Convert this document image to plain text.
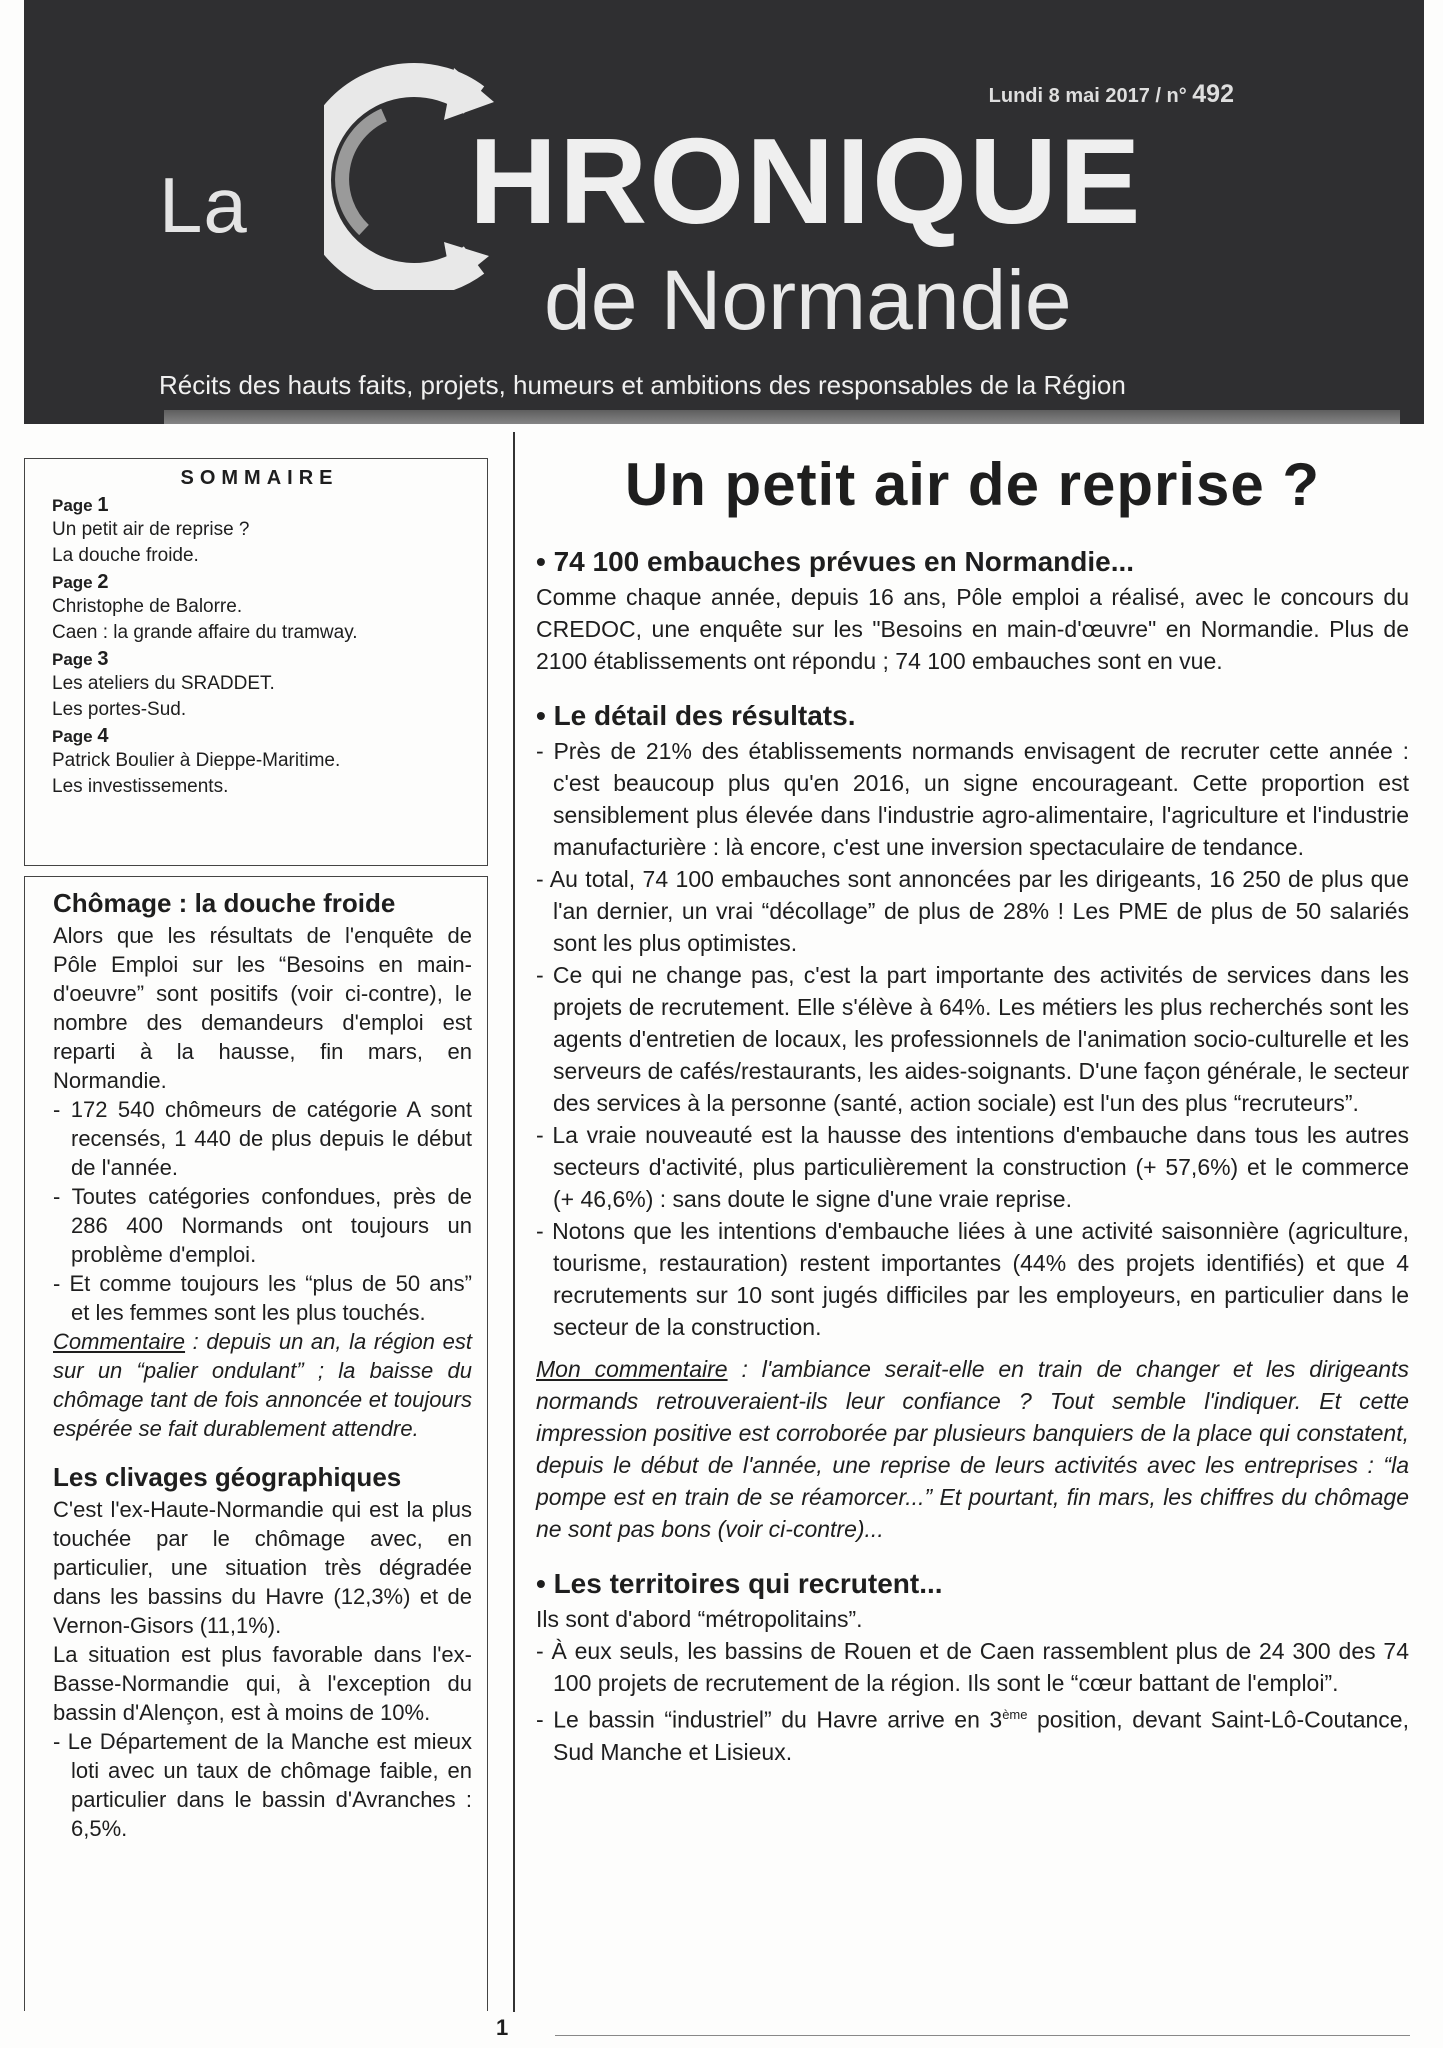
Lundi 8 mai 2017 / n° 492
La HRONIQUE
de Normandie
Récits des hauts faits, projets, humeurs et ambitions des responsables de la Région
SOMMAIRE

Page 1

Un petit air de reprise ?

La douche froide.

Page 2

Christophe de Balorre.

Caen : la grande affaire du tramway.

Page 3

Les ateliers du SRADDET.

Les portes-Sud.

Page 4

Patrick Boulier à Dieppe-Maritime.

Les investissements.

Chômage : la douche froide

Alors que les résultats de l'enquête de Pôle Emploi sur les “Besoins en main-d'oeuvre” sont positifs (voir ci-contre), le nombre des demandeurs d'emploi est reparti à la hausse, fin mars, en Normandie.

- 172 540 chômeurs de catégorie A sont recensés, 1 440 de plus depuis le début de l'année.

- Toutes catégories confondues, près de 286 400 Normands ont toujours un problème d'emploi.

- Et comme toujours les “plus de 50 ans” et les femmes sont les plus touchés.

Commentaire : depuis un an, la région est sur un “palier ondulant” ; la baisse du chômage tant de fois annoncée et toujours espérée se fait durablement attendre.

Les clivages géographiques

C'est l'ex-Haute-Normandie qui est la plus touchée par le chômage avec, en particulier, une situation très dégradée dans les bassins du Havre (12,3%) et de Vernon-Gisors (11,1%).

La situation est plus favorable dans l'ex-Basse-Normandie qui, à l'exception du bassin d'Alençon, est à moins de 10%.

- Le Département de la Manche est mieux loti avec un taux de chômage faible, en particulier dans le bassin d'Avranches : 6,5%.

Un petit air de reprise ?

• 74 100 embauches prévues en Normandie...

Comme chaque année, depuis 16 ans, Pôle emploi a réalisé, avec le concours du CREDOC, une enquête sur les "Besoins en main-d'œuvre" en Normandie. Plus de 2100 établissements ont répondu ; 74 100 embauches sont en vue.

• Le détail des résultats.

- Près de 21% des établissements normands envisagent de recruter cette année : c'est beaucoup plus qu'en 2016, un signe encourageant. Cette proportion est sensiblement plus élevée dans l'industrie agro-alimentaire, l'agriculture et l'industrie manufacturière : là encore, c'est une inversion spectaculaire de tendance.

- Au total, 74 100 embauches sont annoncées par les dirigeants, 16 250 de plus que l'an dernier, un vrai “décollage” de plus de 28% ! Les PME de plus de 50 salariés sont les plus optimistes.

- Ce qui ne change pas, c'est la part importante des activités de services dans les projets de recrutement. Elle s'élève à 64%. Les métiers les plus recherchés sont les agents d'entretien de locaux, les professionnels de l'animation socio-culturelle et les serveurs de cafés/restaurants, les aides-soignants. D'une façon générale, le secteur des services à la personne (santé, action sociale) est l'un des plus “recruteurs”.

- La vraie nouveauté est la hausse des intentions d'embauche dans tous les autres secteurs d'activité, plus particulièrement la construction (+ 57,6%) et le commerce (+ 46,6%) : sans doute le signe d'une vraie reprise.

- Notons que les intentions d'embauche liées à une activité saisonnière (agriculture, tourisme, restauration) restent importantes (44% des projets identifiés) et que 4 recrutements sur 10 sont jugés difficiles par les employeurs, en particulier dans le secteur de la construction.

Mon commentaire : l'ambiance serait-elle en train de changer et les dirigeants normands retrouveraient-ils leur confiance ? Tout semble l'indiquer. Et cette impression positive est corroborée par plusieurs banquiers de la place qui constatent, depuis le début de l'année, une reprise de leurs activités avec les entreprises : “la pompe est en train de se réamorcer...” Et pourtant, fin mars, les chiffres du chômage ne sont pas bons (voir ci-contre)...

• Les territoires qui recrutent...

Ils sont d'abord “métropolitains”.

- À eux seuls, les bassins de Rouen et de Caen rassemblent plus de 24 300 des 74 100 projets de recrutement de la région. Ils sont le “cœur battant de l'emploi”.

- Le bassin “industriel” du Havre arrive en 3ème position, devant Saint-Lô-Coutance, Sud Manche et Lisieux.

1
